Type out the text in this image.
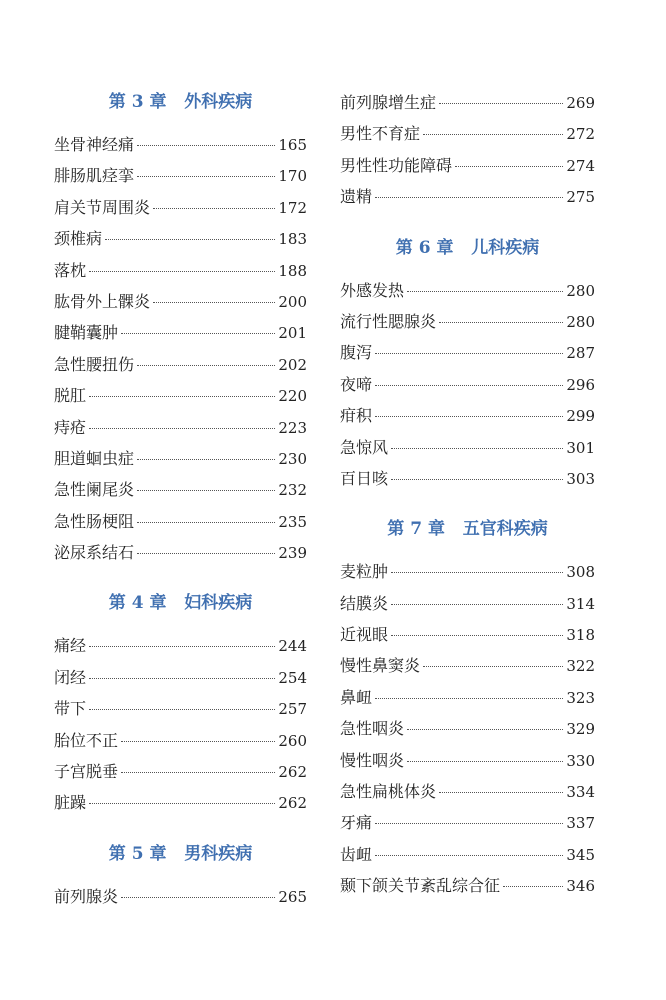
第 3 章 外科疾病
坐骨神经痛	165
腓肠肌痉挛	170
肩关节周围炎	172
颈椎病	183
落枕	188
肱骨外上髁炎	200
腱鞘囊肿	201
急性腰扭伤	202
脱肛	220
痔疮	223
胆道蛔虫症	230
急性阑尾炎	232
急性肠梗阻	235
泌尿系结石	239
第 4 章 妇科疾病
痛经	244
闭经	254
带下	257
胎位不正	260
子宫脱垂	262
脏躁	262
第 5 章 男科疾病
前列腺炎	265
前列腺增生症	269
男性不育症	272
男性性功能障碍	274
遗精	275
第 6 章 儿科疾病
外感发热	280
流行性腮腺炎	280
腹泻	287
夜啼	296
疳积	299
急惊风	301
百日咳	303
第 7 章 五官科疾病
麦粒肿	308
结膜炎	314
近视眼	318
慢性鼻窦炎	322
鼻衄	323
急性咽炎	329
慢性咽炎	330
急性扁桃体炎	334
牙痛	337
齿衄	345
颞下颌关节紊乱综合征	346
